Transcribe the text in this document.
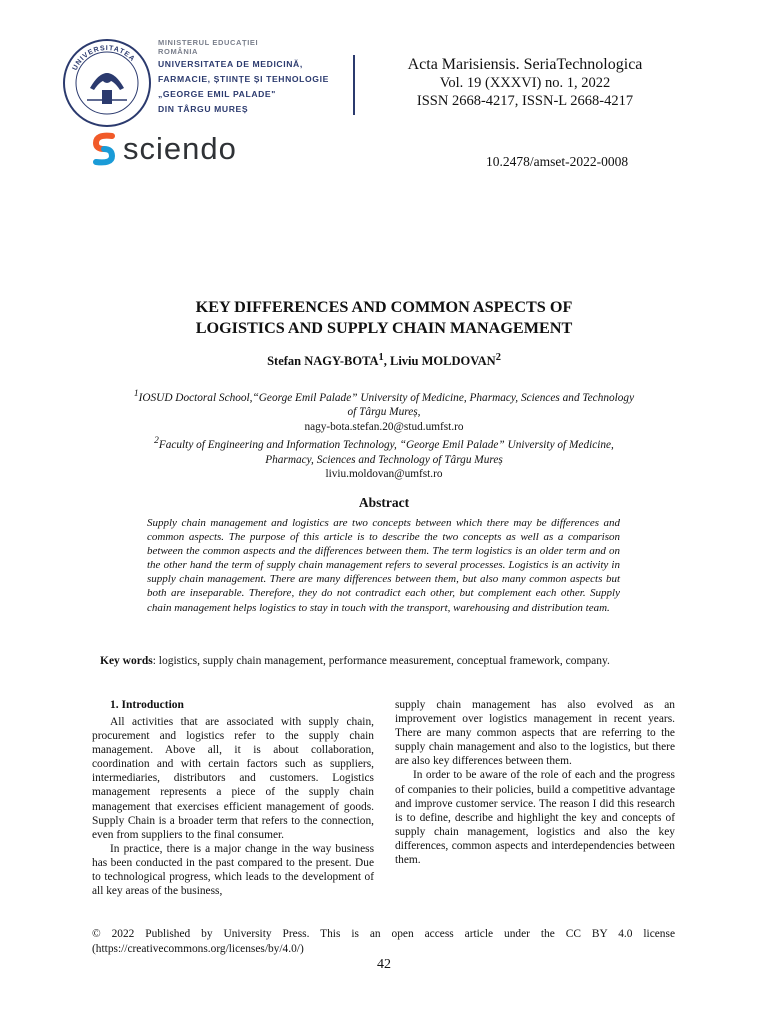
UNIVERSITATEA
MINISTERUL EDUCAȚIEI
ROMÂNIA
UNIVERSITATEA DE MEDICINĂ,
FARMACIE, ȘTIINȚE ȘI TEHNOLOGIE
„GEORGE EMIL PALADE"
DIN TÂRGU MUREȘ
Acta Marisiensis. SeriaTechnologica
Vol. 19 (XXXVI) no. 1, 2022
ISSN 2668-4217, ISSN-L 2668-4217
sciendo	10.2478/amset-2022-0008
KEY DIFFERENCES AND COMMON ASPECTS OF
LOGISTICS AND SUPPLY CHAIN MANAGEMENT
Stefan NAGY-BOTA$^1$, Liviu MOLDOVAN$^2$
$^1$IOSUD Doctoral School,“George Emil Palade” University of Medicine, Pharmacy, Sciences and Technology
of Târgu Mureș,
nagy-bota.stefan.20@stud.umfst.ro
$^2$Faculty of Engineering and Information Technology, “George Emil Palade” University of Medicine,
Pharmacy, Sciences and Technology of Târgu Mureș
liviu.moldovan@umfst.ro
Abstract
Supply chain management and logistics are two concepts between which there may be differences and common aspects. The purpose of this article is to describe the two concepts as well as a comparison between the common aspects and the differences between them. The term logistics is an older term and on the other hand the term of supply chain management refers to several processes. Logistics is an activity in supply chain management. There are many differences between them, but also many common aspects but both are inseparable. Therefore, they do not contradict each other, but complement each other. Supply chain management helps logistics to stay in touch with the transport, warehousing and distribution team.
Key words: logistics, supply chain management, performance measurement, conceptual framework, company.
1. Introduction

All activities that are associated with supply chain, procurement and logistics refer to the supply chain management. Above all, it is about collaboration, coordination and with certain factors such as suppliers, intermediaries, distributors and customers. Logistics management represents a piece of the supply chain management that exercises efficient management of goods. Supply Chain is a broader term that refers to the connection, even from suppliers to the final consumer.

In practice, there is a major change in the way business has been conducted in the past compared to the present. Due to technological progress, which leads to the development of all key areas of the business,

supply chain management has also evolved as an improvement over logistics management in recent years. There are many common aspects that are referring to the supply chain management and also to the logistics, but there are also key differences between them.

In order to be aware of the role of each and the progress of companies to their policies, build a competitive advantage and improve customer service. The reason I did this research is to define, describe and highlight the key and concepts of supply chain management, logistics and also the key differences, common aspects and interdependencies between them.

© 2022 Published by University Press. This is an open access article under the CC BY 4.0 license (https://creativecommons.org/licenses/by/4.0/)
42
